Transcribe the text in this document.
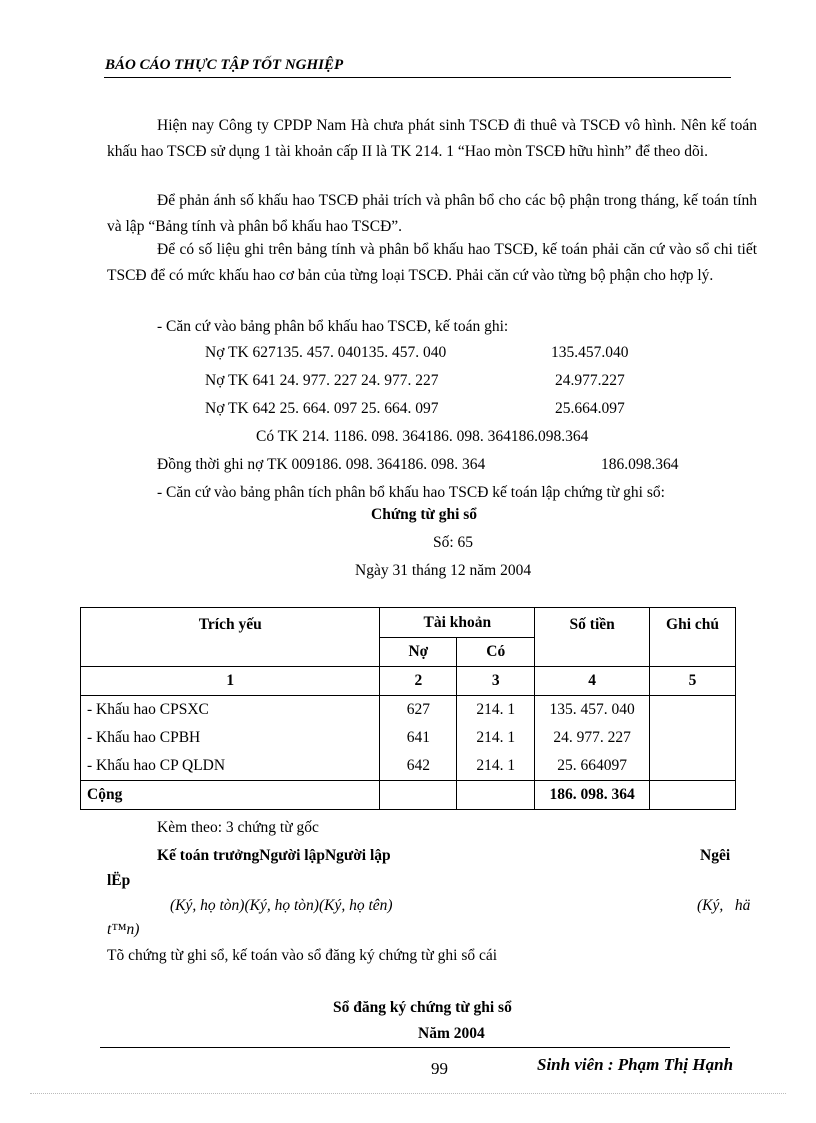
BÁO CÁO THỰC TẬP TỐT NGHIỆP
Hiện nay Công ty CPDP Nam Hà chưa phát sinh TSCĐ đi thuê và TSCĐ vô hình. Nên kế toán khấu hao TSCĐ sử dụng 1 tài khoản cấp II là TK 214. 1 “Hao mòn TSCĐ hữu hình” để theo dõi.
Để phản ánh số khấu hao TSCĐ phải trích và phân bổ cho các bộ phận trong tháng, kế toán tính và lập “Bảng tính và phân bổ khấu hao TSCĐ”.
Để có số liệu ghi trên bảng tính và phân bổ khấu hao TSCĐ, kế toán phải căn cứ vào sổ chi tiết TSCĐ để có mức khấu hao cơ bản của từng loại TSCĐ. Phải căn cứ vào từng bộ phận cho hợp lý.
- Căn cứ vào bảng phân bổ khấu hao TSCĐ, kế toán ghi:
Nợ TK 627135. 457. 040135. 457. 040	135.457.040
Nợ TK 641 24. 977. 227 24. 977. 227	24.977.227
Nợ TK 642 25. 664. 097 25. 664. 097	25.664.097
Có TK 214. 1186. 098. 364186. 098. 364186.098.364
Đồng thời ghi nợ TK 009186. 098. 364186. 098. 364	186.098.364
- Căn cứ vào bảng phân tích phân bổ khấu hao TSCĐ kế toán lập chứng từ ghi sổ:
Chứng từ ghi sổ
Số: 65
Ngày 31 tháng 12 năm 2004
Trích yếu	Tài khoản		Số tiền	Ghi chú
	Nợ	Có		
1	2	3	4	5
- Khấu hao CPSXC	627	214. 1	135. 457. 040	
- Khấu hao CPBH	641	214. 1	24. 977. 227	
- Khấu hao CP QLDN	642	214. 1	25. 664097	
Cộng			186. 098. 364	
Kèm theo: 3 chứng từ gốc
Kế toán trưởngNgười lậpNgười lập	Ngêi
lËp
(Ký, họ tòn)(Ký, họ tòn)(Ký, họ tên)	(Ký,   hä
t™n)
Tõ chứng từ ghi sổ, kế toán vào sổ đăng ký chứng từ ghi sổ cái
Sổ đăng ký chứng từ ghi sổ
Năm 2004
99	Sinh viên : Phạm Thị Hạnh
